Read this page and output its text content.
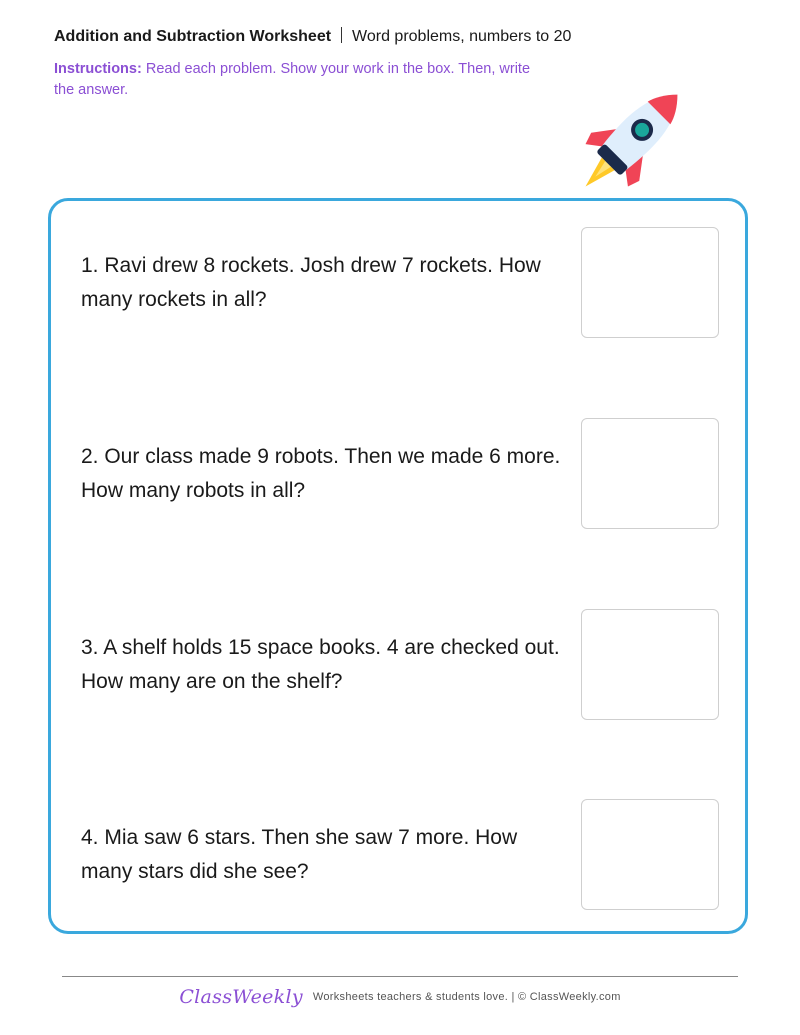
Addition and Subtraction Worksheet Word problems, numbers to 20
Instructions: Read each problem. Show your work in the box. Then, write the answer.
1. Ravi drew 8 rockets. Josh drew 7 rockets. How many rockets in all?
2. Our class made 9 robots. Then we made 6 more. How many robots in all?
3. A shelf holds 15 space books. 4 are checked out. How many are on the shelf?
4. Mia saw 6 stars. Then she saw 7 more. How many stars did she see?
ClassWeekly Worksheets teachers & students love. | © ClassWeekly.com
